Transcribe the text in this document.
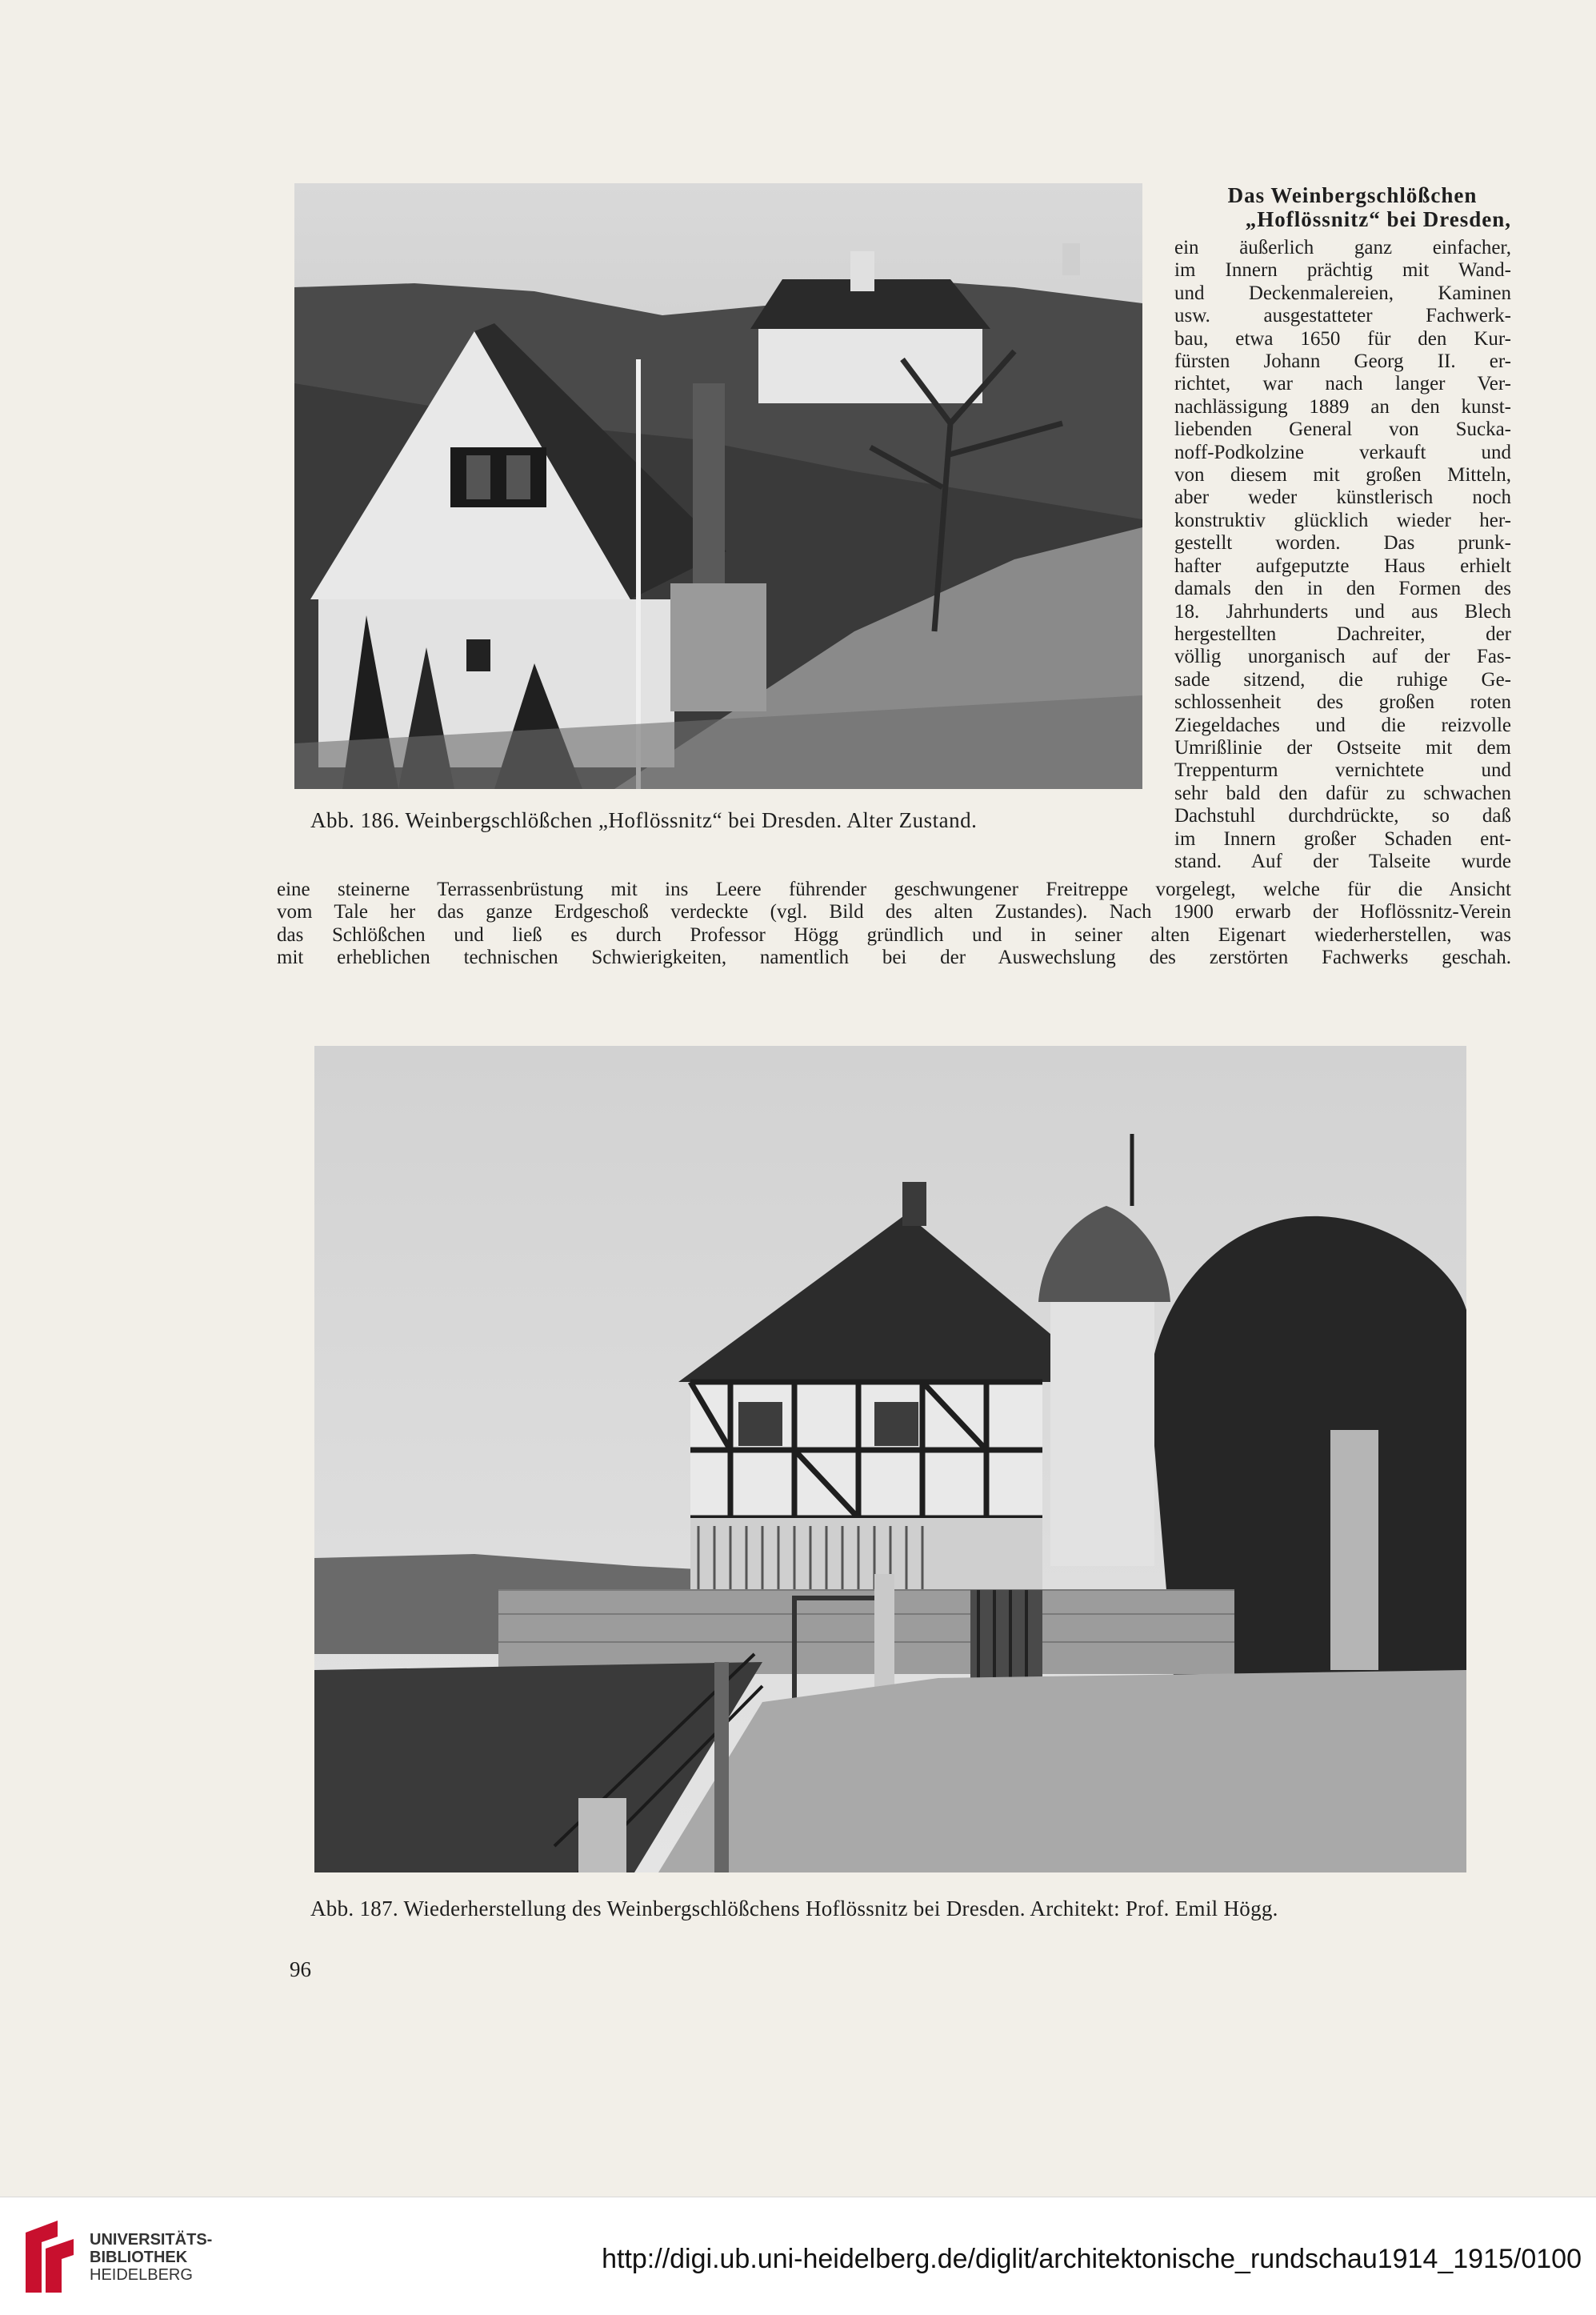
Das Weinbergschlößchen
„Hoflössnitz“ bei Dresden,
ein äußerlich ganz einfacher,
im Innern prächtig mit Wand-
und Deckenmalereien, Kaminen
usw. ausgestatteter Fachwerk-
bau, etwa 1650 für den Kur-
fürsten Johann Georg II. er-
richtet, war nach langer Ver-
nachlässigung 1889 an den kunst-
liebenden General von Sucka-
noff-Podkolzine verkauft und
von diesem mit großen Mitteln,
aber weder künstlerisch noch
konstruktiv glücklich wieder her-
gestellt worden. Das prunk-
hafter aufgeputzte Haus erhielt
damals den in den Formen des
18. Jahrhunderts und aus Blech
hergestellten Dachreiter, der
völlig unorganisch auf der Fas-
sade sitzend, die ruhige Ge-
schlossenheit des großen roten
Ziegeldaches und die reizvolle
Umrißlinie der Ostseite mit dem
Treppenturm vernichtete und
sehr bald den dafür zu schwachen
Dachstuhl durchdrückte, so daß
im Innern großer Schaden ent-
stand. Auf der Talseite wurde
Abb. 186. Weinbergschlößchen „Hoflössnitz“ bei Dresden. Alter Zustand.
eine steinerne Terrassenbrüstung mit ins Leere führender geschwungener Freitreppe vorgelegt, welche für die Ansicht
vom Tale her das ganze Erdgeschoß verdeckte (vgl. Bild des alten Zustandes). Nach 1900 erwarb der Hoflössnitz-Verein
das Schlößchen und ließ es durch Professor Högg gründlich und in seiner alten Eigenart wiederherstellen, was
mit erheblichen technischen Schwierigkeiten, namentlich bei der Auswechslung des zerstörten Fachwerks geschah.
Abb. 187. Wiederherstellung des Weinbergschlößchens Hoflössnitz bei Dresden. Architekt: Prof. Emil Högg.
96
UNIVERSITÄTS-
BIBLIOTHEK
HEIDELBERG
http://digi.ub.uni-heidelberg.de/diglit/architektonische_rundschau1914_1915/0100
